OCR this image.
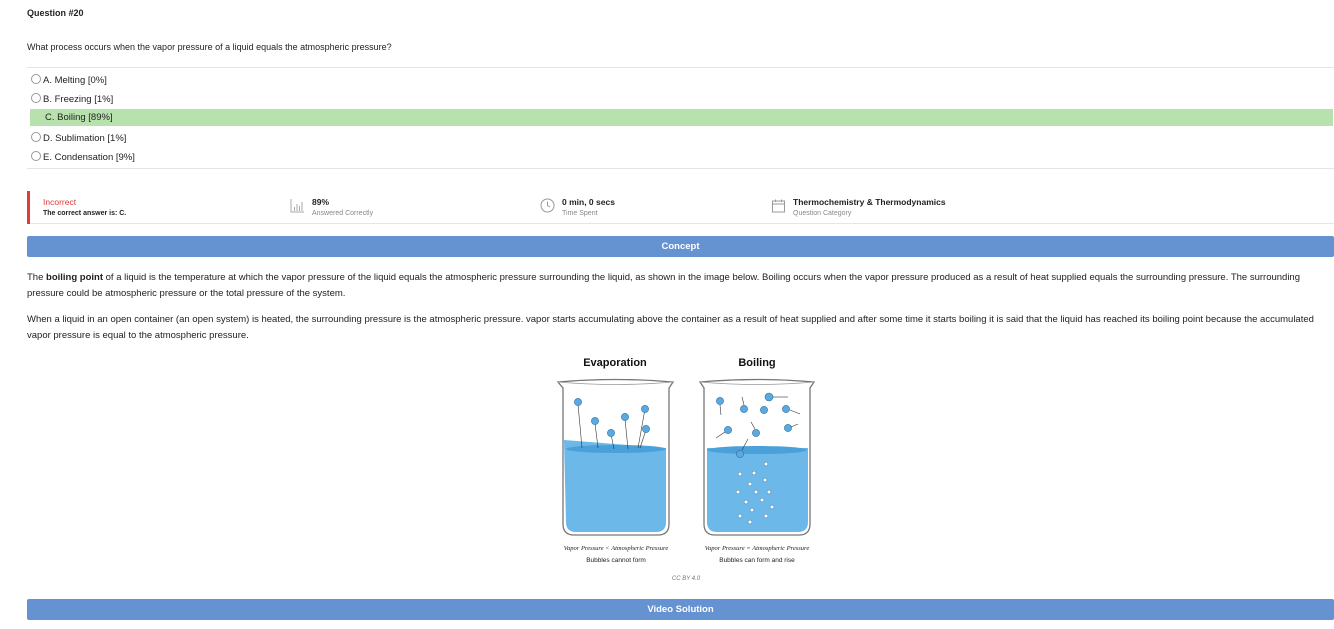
Question #20
What process occurs when the vapor pressure of a liquid equals the atmospheric pressure?
A. Melting [0%]
B. Freezing [1%]
C. Boiling [89%]
D. Sublimation [1%]
E. Condensation [9%]
Incorrect
The correct answer is: C.
89%
Answered Correctly
0 min, 0 secs
Time Spent
Thermochemistry & Thermodynamics
Question Category
Concept
The boiling point of a liquid is the temperature at which the vapor pressure of the liquid equals the atmospheric pressure surrounding the liquid, as shown in the image below. Boiling occurs when the vapor pressure produced as a result of heat supplied equals the surrounding pressure. The surrounding pressure could be atmospheric pressure or the total pressure of the system.
When a liquid in an open container (an open system) is heated, the surrounding pressure is the atmospheric pressure. vapor starts accumulating above the container as a result of heat supplied and after some time it starts boiling it is said that the liquid has reached its boiling point because the accumulated vapor pressure is equal to the atmospheric pressure.
Evaporation	Boiling
Vapor Pressure < Atmospheric Pressure
Bubbles cannot form
Vapor Pressure = Atmospheric Pressure
Bubbles can form and rise
CC BY 4.0
Video Solution
